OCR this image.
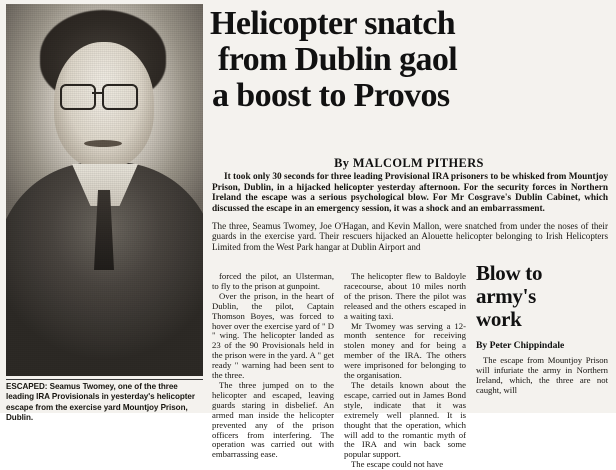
ESCAPED: Seamus Twomey, one of the three leading IRA Provisionals in yesterday's helicopter escape from the exercise yard Mountjoy Prison, Dublin.
Helicopter snatch
from Dublin gaol
a boost to Provos
By MALCOLM PITHERS
It took only 30 seconds for three leading Provisional IRA prisoners to be whisked from Mountjoy Prison, Dublin, in a hijacked helicopter yesterday afternoon. For the security forces in Northern Ireland the escape was a serious psychological blow. For Mr Cosgrave's Dublin Cabinet, which discussed the escape in an emergency session, it was a shock and an embarrassment.
The three, Seamus Twomey, Joe O'Hagan, and Kevin Mallon, were snatched from under the noses of their guards in the exercise yard. Their rescuers hijacked an Alouette helicopter belonging to Irish Helicopters Limited from the West Park hangar at Dublin Airport and

forced the pilot, an Ulsterman, to fly to the prison at gunpoint.

Over the prison, in the heart of Dublin, the pilot, Captain Thomson Boyes, was forced to hover over the exercise yard of " D " wing. The helicopter landed as 23 of the 90 Provisionals held in the prison were in the yard. A " get ready " warning had been sent to the three.

The three jumped on to the helicopter and escaped, leaving guards staring in disbelief. An armed man inside the helicopter prevented any of the prison officers from interfering. The operation was carried out with embarrassing ease.

The helicopter flew to Baldoyle racecourse, about 10 miles north of the prison. There the pilot was released and the others escaped in a waiting taxi.

Mr Twomey was serving a 12-month sentence for receiving stolen money and for being a member of the IRA. The others were imprisoned for belonging to the organisation.

The details known about the escape, carried out in James Bond style, indicate that it was extremely well planned. It is thought that the operation, which will add to the romantic myth of the IRA and win back some popular support.

The escape could not have

Blow to
army's
work
By Peter Chippindale

The escape from Mountjoy Prison will infuriate the army in Northern Ireland, which, the three are not caught, will
